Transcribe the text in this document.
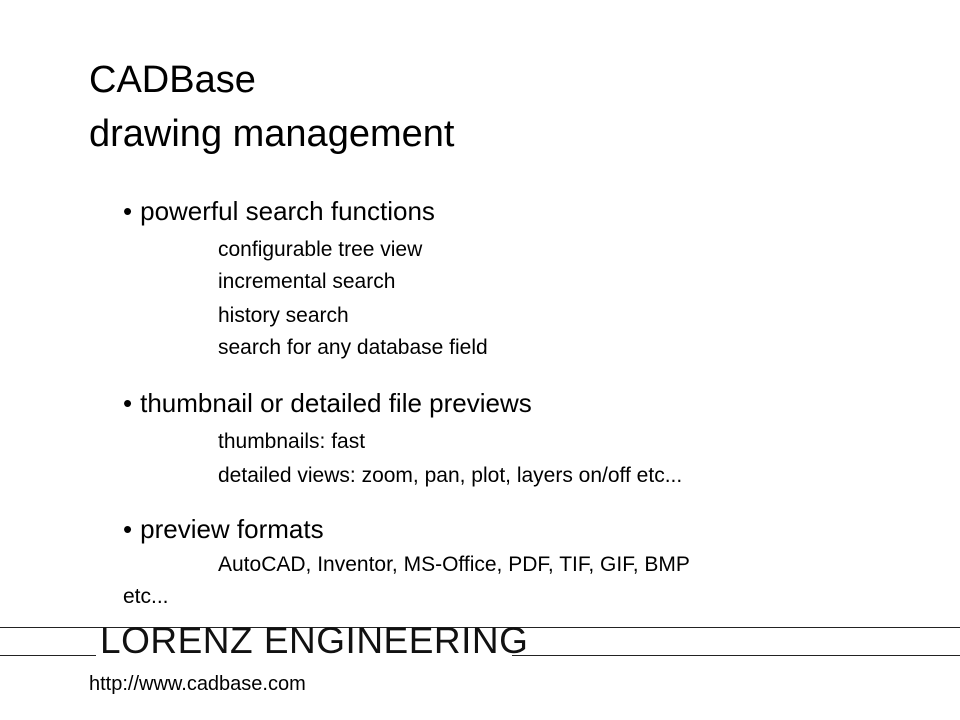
CADBase
drawing management
• powerful search functions
configurable tree view
incremental search
history search
search for any database field
• thumbnail or detailed file previews
thumbnails: fast
detailed views: zoom, pan, plot, layers on/off etc...
• preview formats
AutoCAD, Inventor, MS-Office, PDF, TIF, GIF, BMP
etc...
LORENZ ENGINEERING
http://www.cadbase.com
